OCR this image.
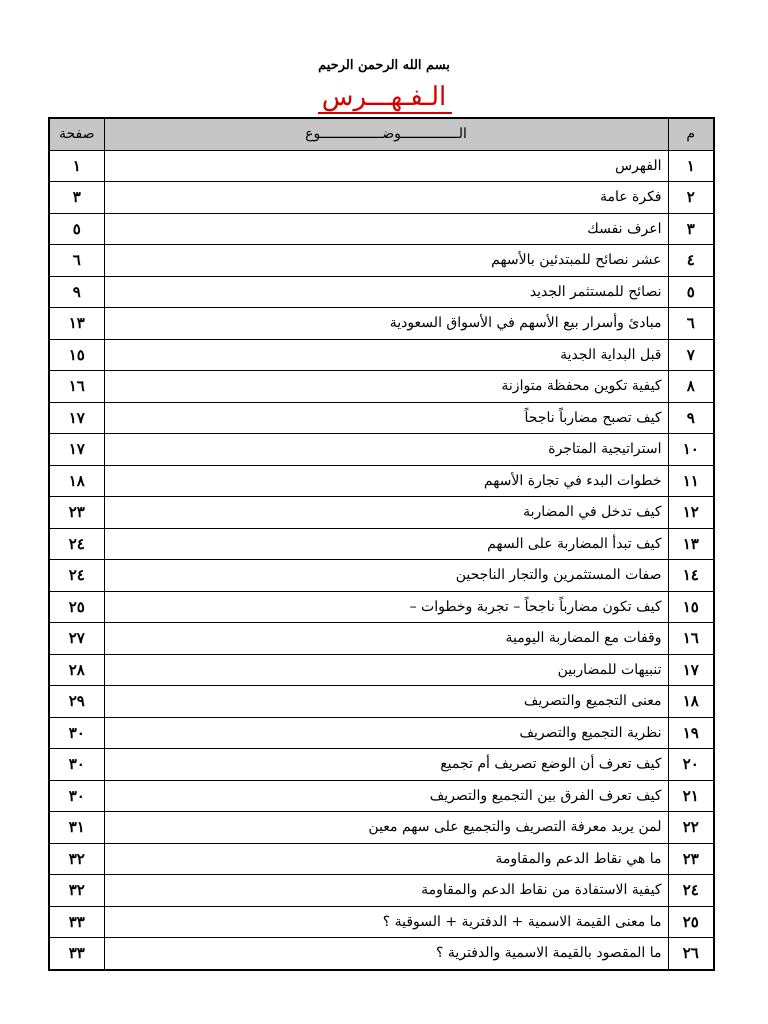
بسم الله الرحمن الرحيم
الـفـهـــرس
م	الــــــــــــــوضـــــــــــــــوع	صفحة
١	الفهرس	١
٢	فكرة عامة	٣
٣	اعرف نفسك	٥
٤	عشر نصائح للمبتدئين بالأسهم	٦
٥	نصائح للمستثمر الجديد	٩
٦	مبادئ وأسرار بيع الأسهم في الأسواق السعودية	١٣
٧	قبل البداية الجدية	١٥
٨	كيفية تكوين محفظة متوازنة	١٦
٩	كيف تصبح مضارباً ناجحاً	١٧
١٠	استراتيجية المتاجرة	١٧
١١	خطوات البدء في تجارة الأسهم	١٨
١٢	كيف تدخل في المضاربة	٢٣
١٣	كيف تبدأ المضاربة على السهم	٢٤
١٤	صفات المستثمرين والتجار الناجحين	٢٤
١٥	كيف تكون مضارباً ناجحاً – تجربة وخطوات –	٢٥
١٦	وقفات مع المضاربة اليومية	٢٧
١٧	تنبيهات للمضاربين	٢٨
١٨	معنى التجميع والتصريف	٢٩
١٩	نظرية التجميع والتصريف	٣٠
٢٠	كيف تعرف أن الوضع تصريف أم تجميع	٣٠
٢١	كيف تعرف الفرق بين التجميع والتصريف	٣٠
٢٢	لمن يريد معرفة التصريف والتجميع على سهم معين	٣١
٢٣	ما هي نقاط الدعم والمقاومة	٣٢
٢٤	كيفية الاستفادة من نقاط الدعم والمقاومة	٣٢
٢٥	ما معنى القيمة الاسمية + الدفترية + السوقية ؟	٣٣
٢٦	ما المقصود بالقيمة الاسمية والدفترية ؟	٣٣
